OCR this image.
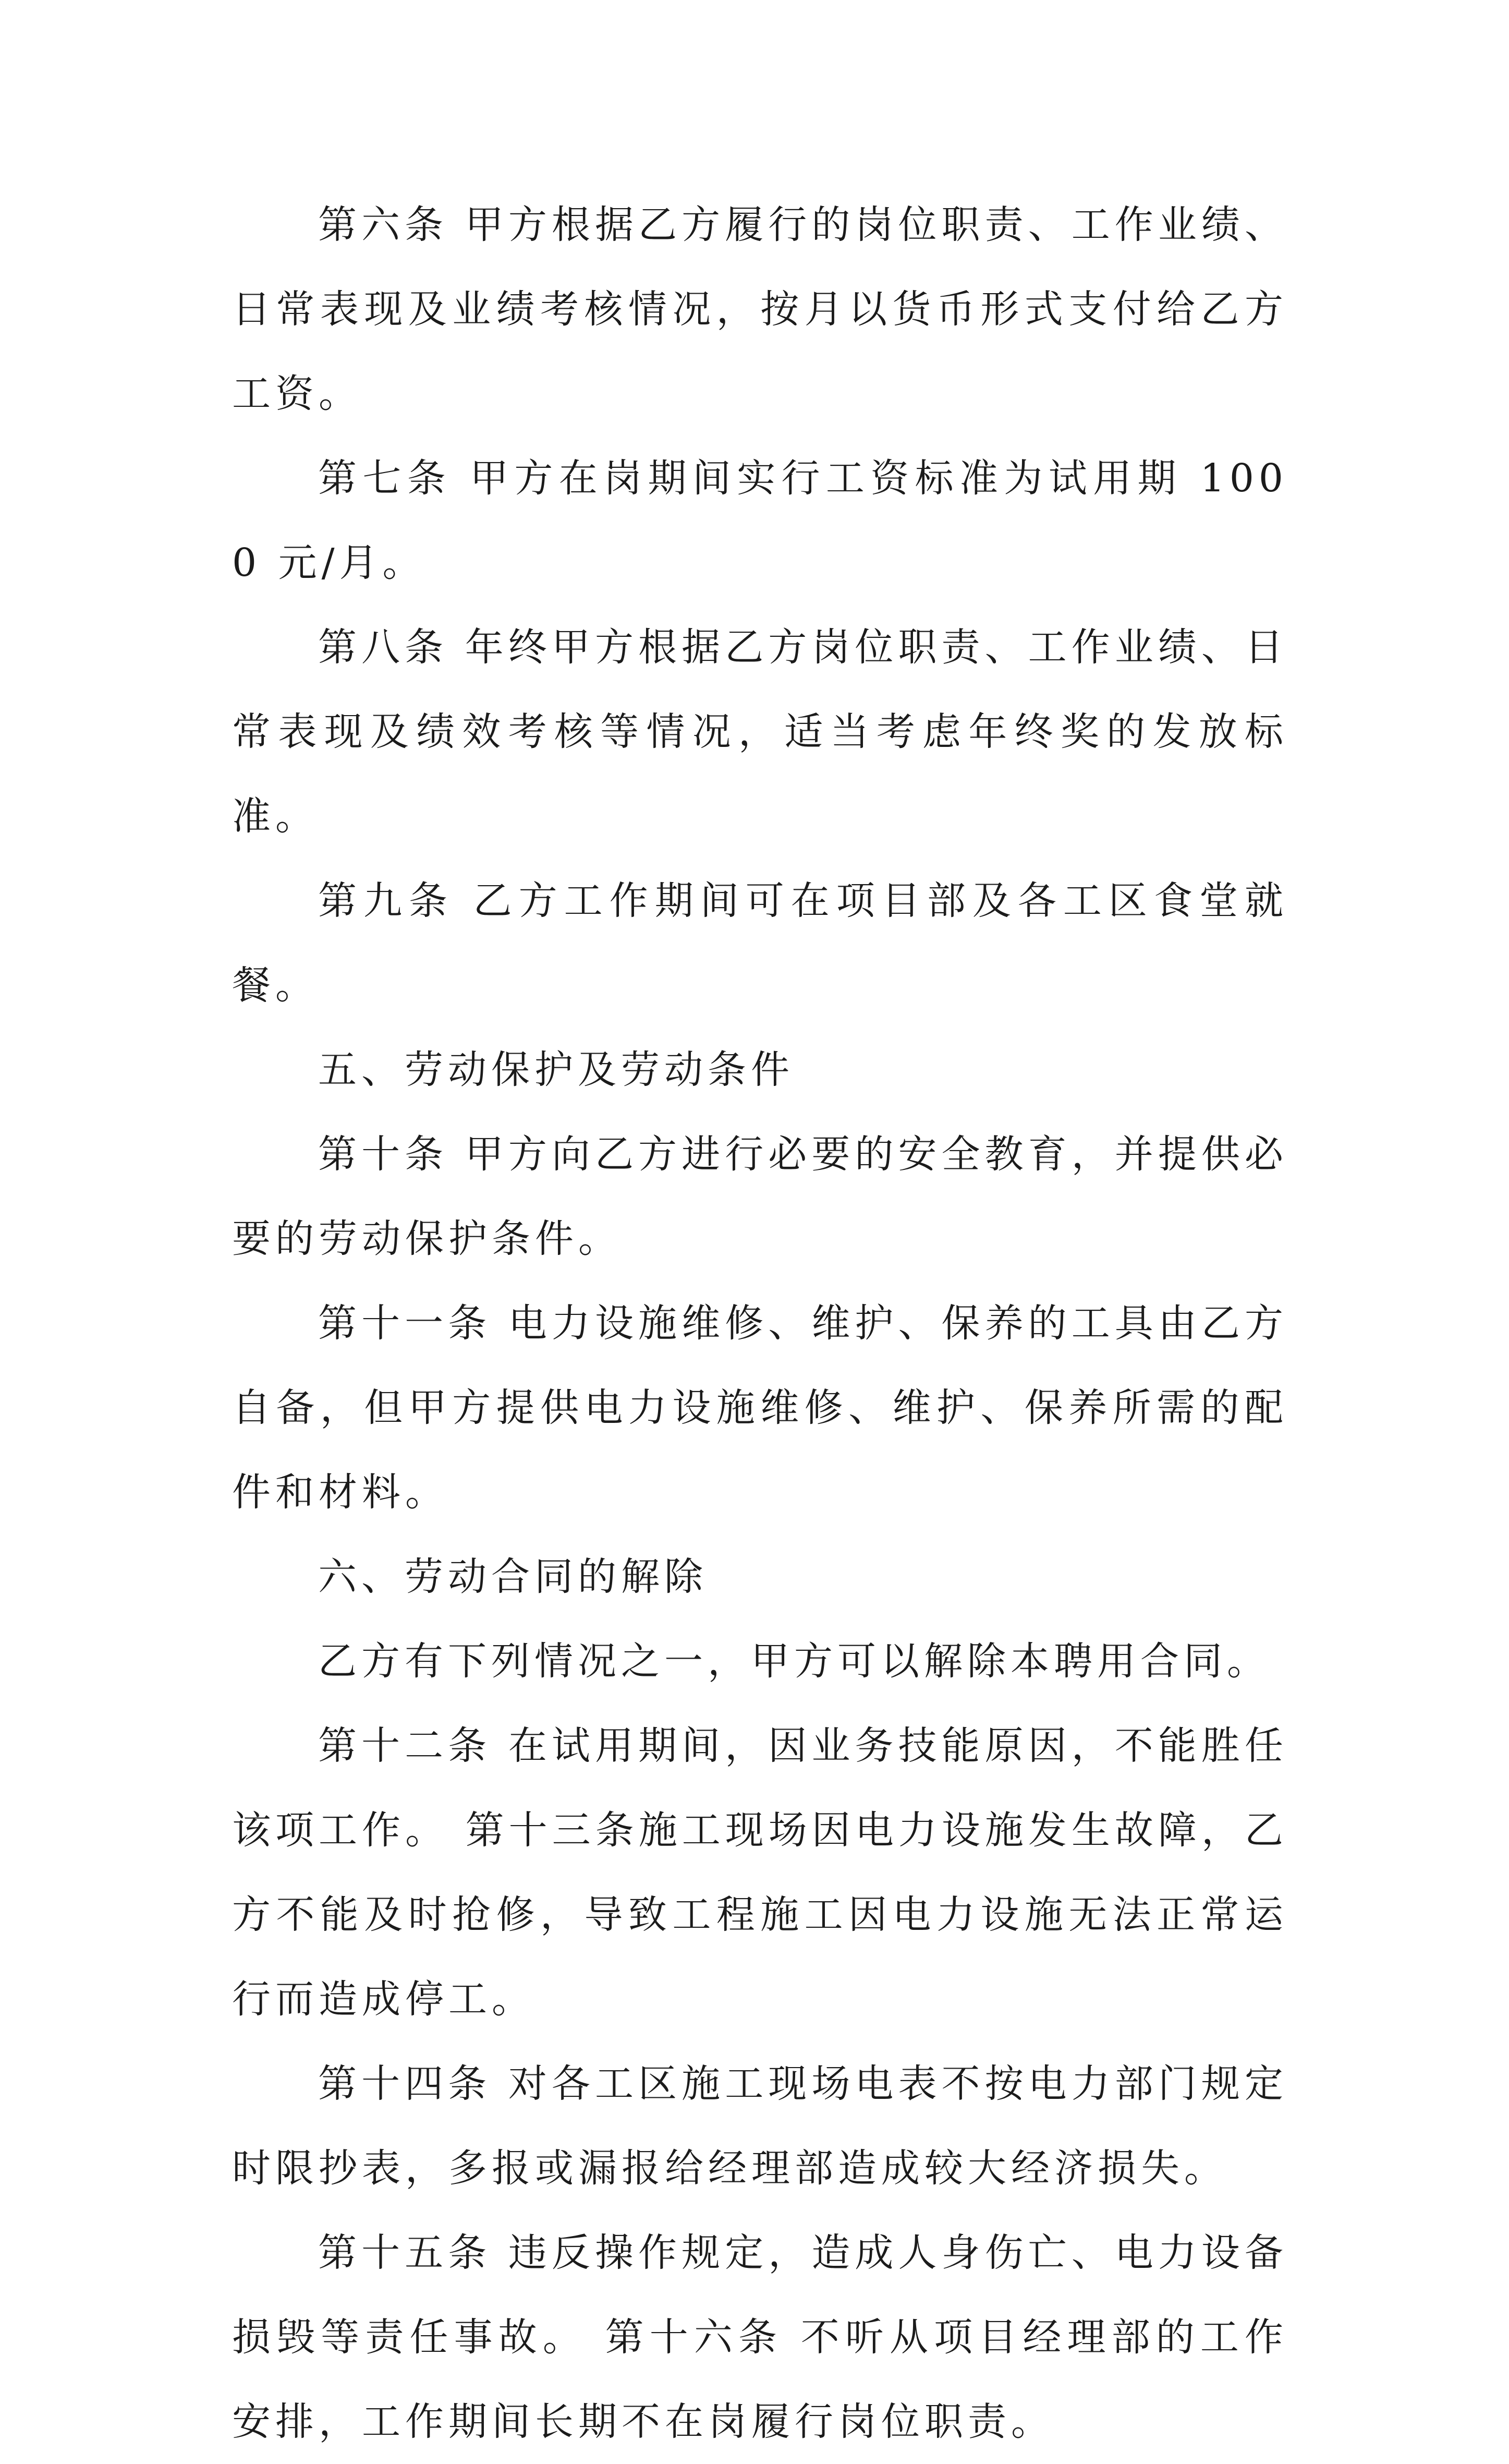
第六条 甲方根据乙方履行的岗位职责、工作业绩、日常表现及业绩考核情况，按月以货币形式支付给乙方工资。

第七条 甲方在岗期间实行工资标准为试用期 1000 元/月。

第八条 年终甲方根据乙方岗位职责、工作业绩、日常表现及绩效考核等情况，适当考虑年终奖的发放标准。

第九条 乙方工作期间可在项目部及各工区食堂就餐。

五、劳动保护及劳动条件

第十条 甲方向乙方进行必要的安全教育，并提供必要的劳动保护条件。

第十一条 电力设施维修、维护、保养的工具由乙方自备，但甲方提供电力设施维修、维护、保养所需的配件和材料。

六、劳动合同的解除

乙方有下列情况之一，甲方可以解除本聘用合同。

第十二条 在试用期间，因业务技能原因，不能胜任该项工作。 第十三条施工现场因电力设施发生故障，乙方不能及时抢修，导致工程施工因电力设施无法正常运行而造成停工。

第十四条 对各工区施工现场电表不按电力部门规定时限抄表，多报或漏报给经理部造成较大经济损失。

第十五条 违反操作规定，造成人身伤亡、电力设备损毁等责任事故。 第十六条 不听从项目经理部的工作安排，工作期间长期不在岗履行岗位职责。
